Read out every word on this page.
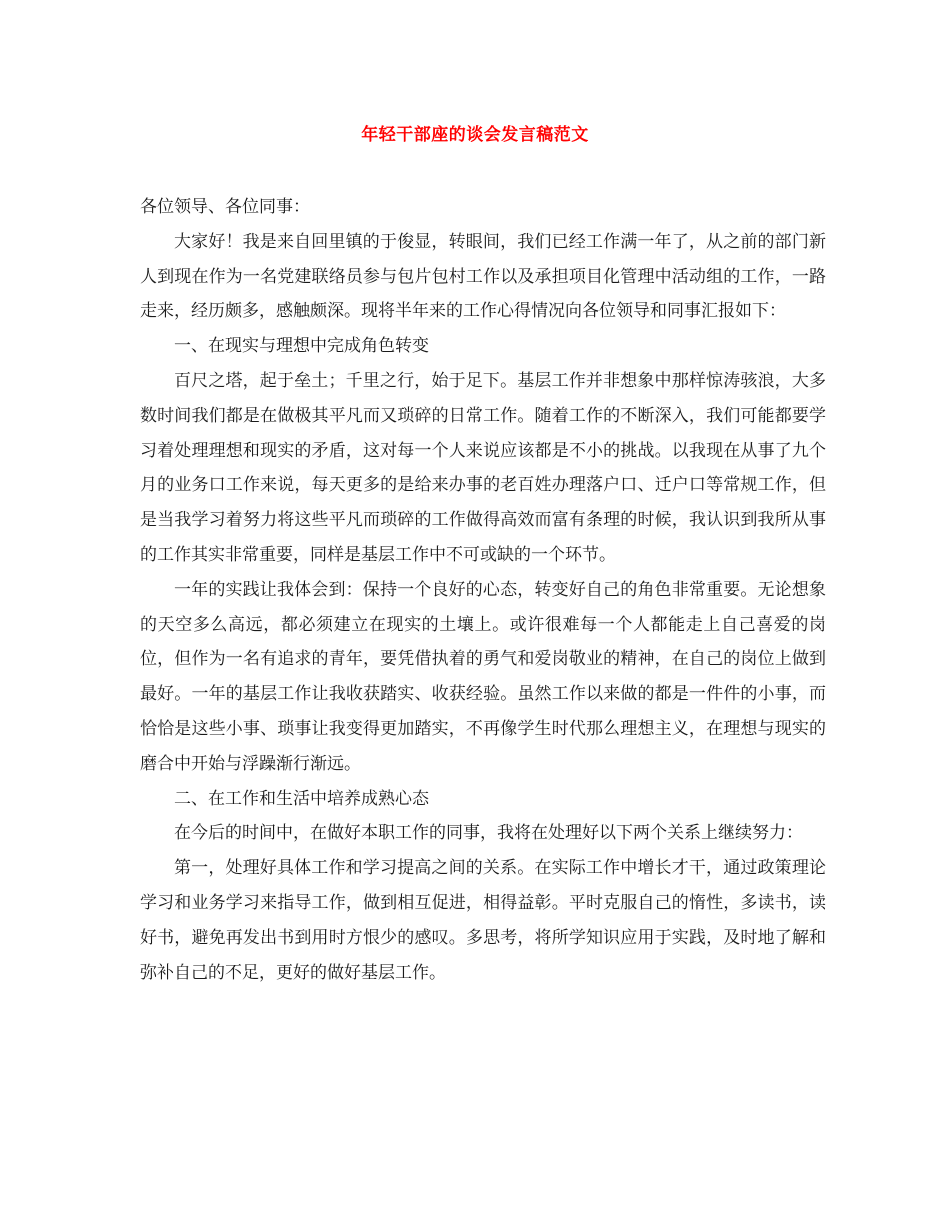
年轻干部座的谈会发言稿范文

各位领导、各位同事：

大家好！我是来自回里镇的于俊显，转眼间，我们已经工作满一年了，从之前的部门新人到现在作为一名党建联络员参与包片包村工作以及承担项目化管理中活动组的工作，一路走来，经历颇多，感触颇深。现将半年来的工作心得情况向各位领导和同事汇报如下：

一、在现实与理想中完成角色转变

百尺之塔，起于垒土；千里之行，始于足下。基层工作并非想象中那样惊涛骇浪，大多数时间我们都是在做极其平凡而又琐碎的日常工作。随着工作的不断深入，我们可能都要学习着处理理想和现实的矛盾，这对每一个人来说应该都是不小的挑战。以我现在从事了九个月的业务口工作来说，每天更多的是给来办事的老百姓办理落户口、迁户口等常规工作，但是当我学习着努力将这些平凡而琐碎的工作做得高效而富有条理的时候，我认识到我所从事的工作其实非常重要，同样是基层工作中不可或缺的一个环节。

一年的实践让我体会到：保持一个良好的心态，转变好自己的角色非常重要。无论想象的天空多么高远，都必须建立在现实的土壤上。或许很难每一个人都能走上自己喜爱的岗位，但作为一名有追求的青年，要凭借执着的勇气和爱岗敬业的精神，在自己的岗位上做到最好。一年的基层工作让我收获踏实、收获经验。虽然工作以来做的都是一件件的小事，而恰恰是这些小事、琐事让我变得更加踏实，不再像学生时代那么理想主义，在理想与现实的磨合中开始与浮躁渐行渐远。

二、在工作和生活中培养成熟心态

在今后的时间中，在做好本职工作的同事，我将在处理好以下两个关系上继续努力：

第一，处理好具体工作和学习提高之间的关系。在实际工作中增长才干，通过政策理论学习和业务学习来指导工作，做到相互促进，相得益彰。平时克服自己的惰性，多读书，读好书，避免再发出书到用时方恨少的感叹。多思考，将所学知识应用于实践，及时地了解和弥补自己的不足，更好的做好基层工作。
